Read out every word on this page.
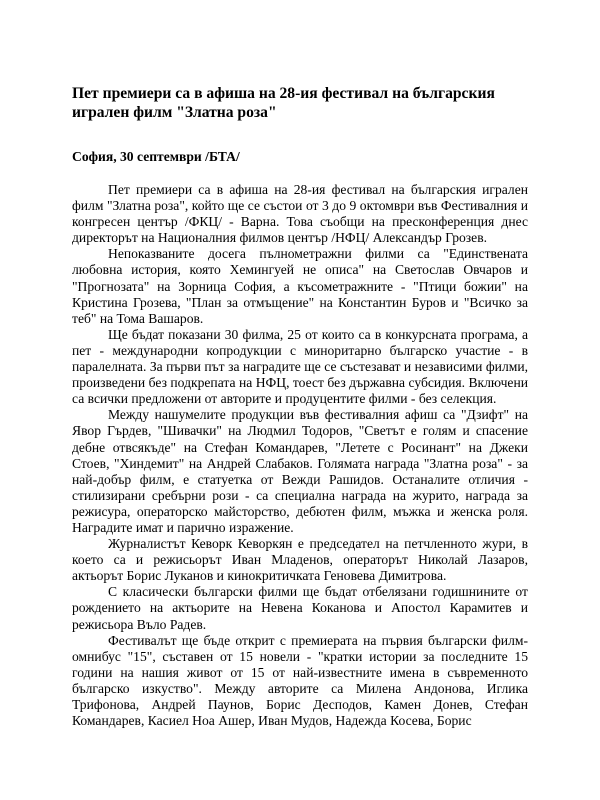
Пет премиери са в афиша на 28-ия фестивал на българския игрален филм "Златна роза"

София, 30 септември /БТА/

Пет премиери са в афиша на 28-ия фестивал на българския игрален филм "Златна роза", който ще се състои от 3 до 9 октомври във Фестивалния и конгресен център /ФКЦ/ - Варна. Това съобщи на пресконференция днес директорът на Националния филмов център /НФЦ/ Александър Грозев.

Непоказваните досега пълнометражни филми са "Единствената любовна история, която Хемингуей не описа" на Светослав Овчаров и "Прогнозата" на Зорница София, а късометражните - "Птици божии" на Кристина Грозева, "План за отмъщение" на Константин Буров и "Всичко за теб" на Тома Вашаров.

Ще бъдат показани 30 филма, 25 от които са в конкурсната програма, а пет - международни копродукции с миноритарно българско участие - в паралелната. За първи път за наградите ще се състезават и независими филми, произведени без подкрепата на НФЦ, тоест без държавна субсидия. Включени са всички предложени от авторите и продуцентите филми - без селекция.

Между нашумелите продукции във фестивалния афиш са "Дзифт" на Явор Гърдев, "Шивачки" на Людмил Тодоров, "Светът е голям и спасение дебне отвсякъде" на Стефан Командарев, "Летете с Росинант" на Джеки Стоев, "Хиндемит" на Андрей Слабаков. Голямата награда "Златна роза" - за най-добър филм, е статуетка от Вежди Рашидов. Останалите отличия - стилизирани сребърни рози - са специална награда на журито, награда за режисура, операторско майсторство, дебютен филм, мъжка и женска роля. Наградите имат и парично изражение.

Журналистът Кеворк Кеворкян е председател на петчленното жури, в което са и режисьорът Иван Младенов, операторът Николай Лазаров, актьорът Борис Луканов и кинокритичката Геновева Димитрова.

С класически български филми ще бъдат отбелязани годишнините от рождението на актьорите на Невена Коканова и Апостол Карамитев и режисьора Въло Радев.

Фестивалът ще бъде открит с премиерата на първия български филм-омнибус "15", съставен от 15 новели - "кратки истории за последните 15 години на нашия живот от 15 от най-известните имена в съвременното българско изкуство". Между авторите са Милена Андонова, Иглика Трифонова, Андрей Паунов, Борис Десподов, Камен Донев, Стефан Командарев, Касиел Ноа Ашер, Иван Мудов, Надежда Косева, Борис
